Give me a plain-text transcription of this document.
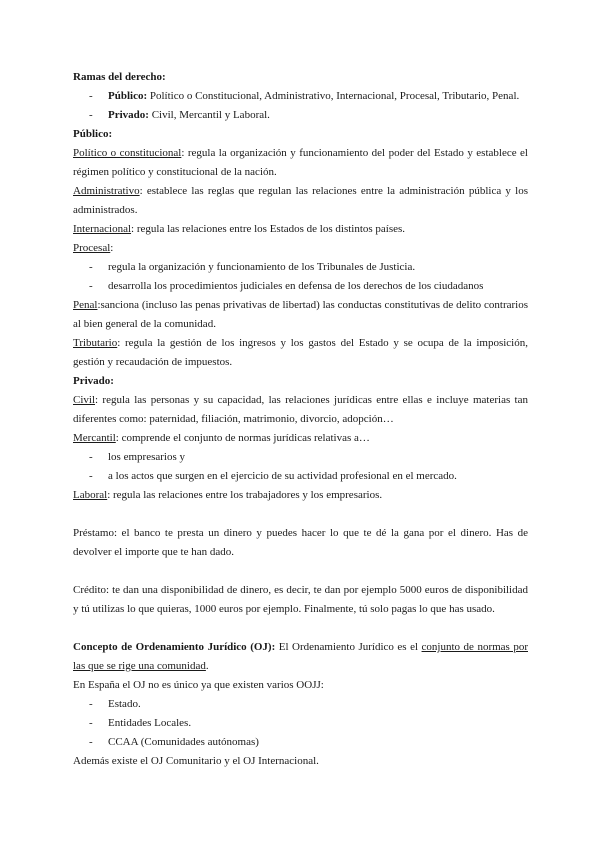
Ramas del derecho:

- Público: Político o Constitucional, Administrativo, Internacional, Procesal, Tributario, Penal.

- Privado: Civil, Mercantil y Laboral.

Público:

Político o constitucional: regula la organización y funcionamiento del poder del Estado y establece el régimen político y constitucional de la nación.

Administrativo: establece las reglas que regulan las relaciones entre la administración pública y los administrados.

Internacional: regula las relaciones entre los Estados de los distintos países.

Procesal:

- regula la organización y funcionamiento de los Tribunales de Justicia.

- desarrolla los procedimientos judiciales en defensa de los derechos de los ciudadanos

Penal:sanciona (incluso las penas privativas de libertad) las conductas constitutivas de delito contrarios al bien general de la comunidad.

Tributario: regula la gestión de los ingresos y los gastos del Estado y se ocupa de la imposición, gestión y recaudación de impuestos.

Privado:

Civil: regula las personas y su capacidad, las relaciones jurídicas entre ellas e incluye materias tan diferentes como: paternidad, filiación, matrimonio, divorcio, adopción…

Mercantil: comprende el conjunto de normas jurídicas relativas a…

- los empresarios y

- a los actos que surgen en el ejercicio de su actividad profesional en el mercado.

Laboral: regula las relaciones entre los trabajadores y los empresarios.

Préstamo: el banco te presta un dinero y puedes hacer lo que te dé la gana por el dinero. Has de devolver el importe que te han dado.

Crédito: te dan una disponibilidad de dinero, es decir, te dan por ejemplo 5000 euros de disponibilidad y tú utilizas lo que quieras, 1000 euros por ejemplo. Finalmente, tú solo pagas lo que has usado.

Concepto de Ordenamiento Jurídico (OJ): El Ordenamiento Jurídico es el conjunto de normas por las que se rige una comunidad.

En España el OJ no es único ya que existen varios OOJJ:

- Estado.

- Entidades Locales.

- CCAA (Comunidades autónomas)

Además existe el OJ Comunitario y el OJ Internacional.
